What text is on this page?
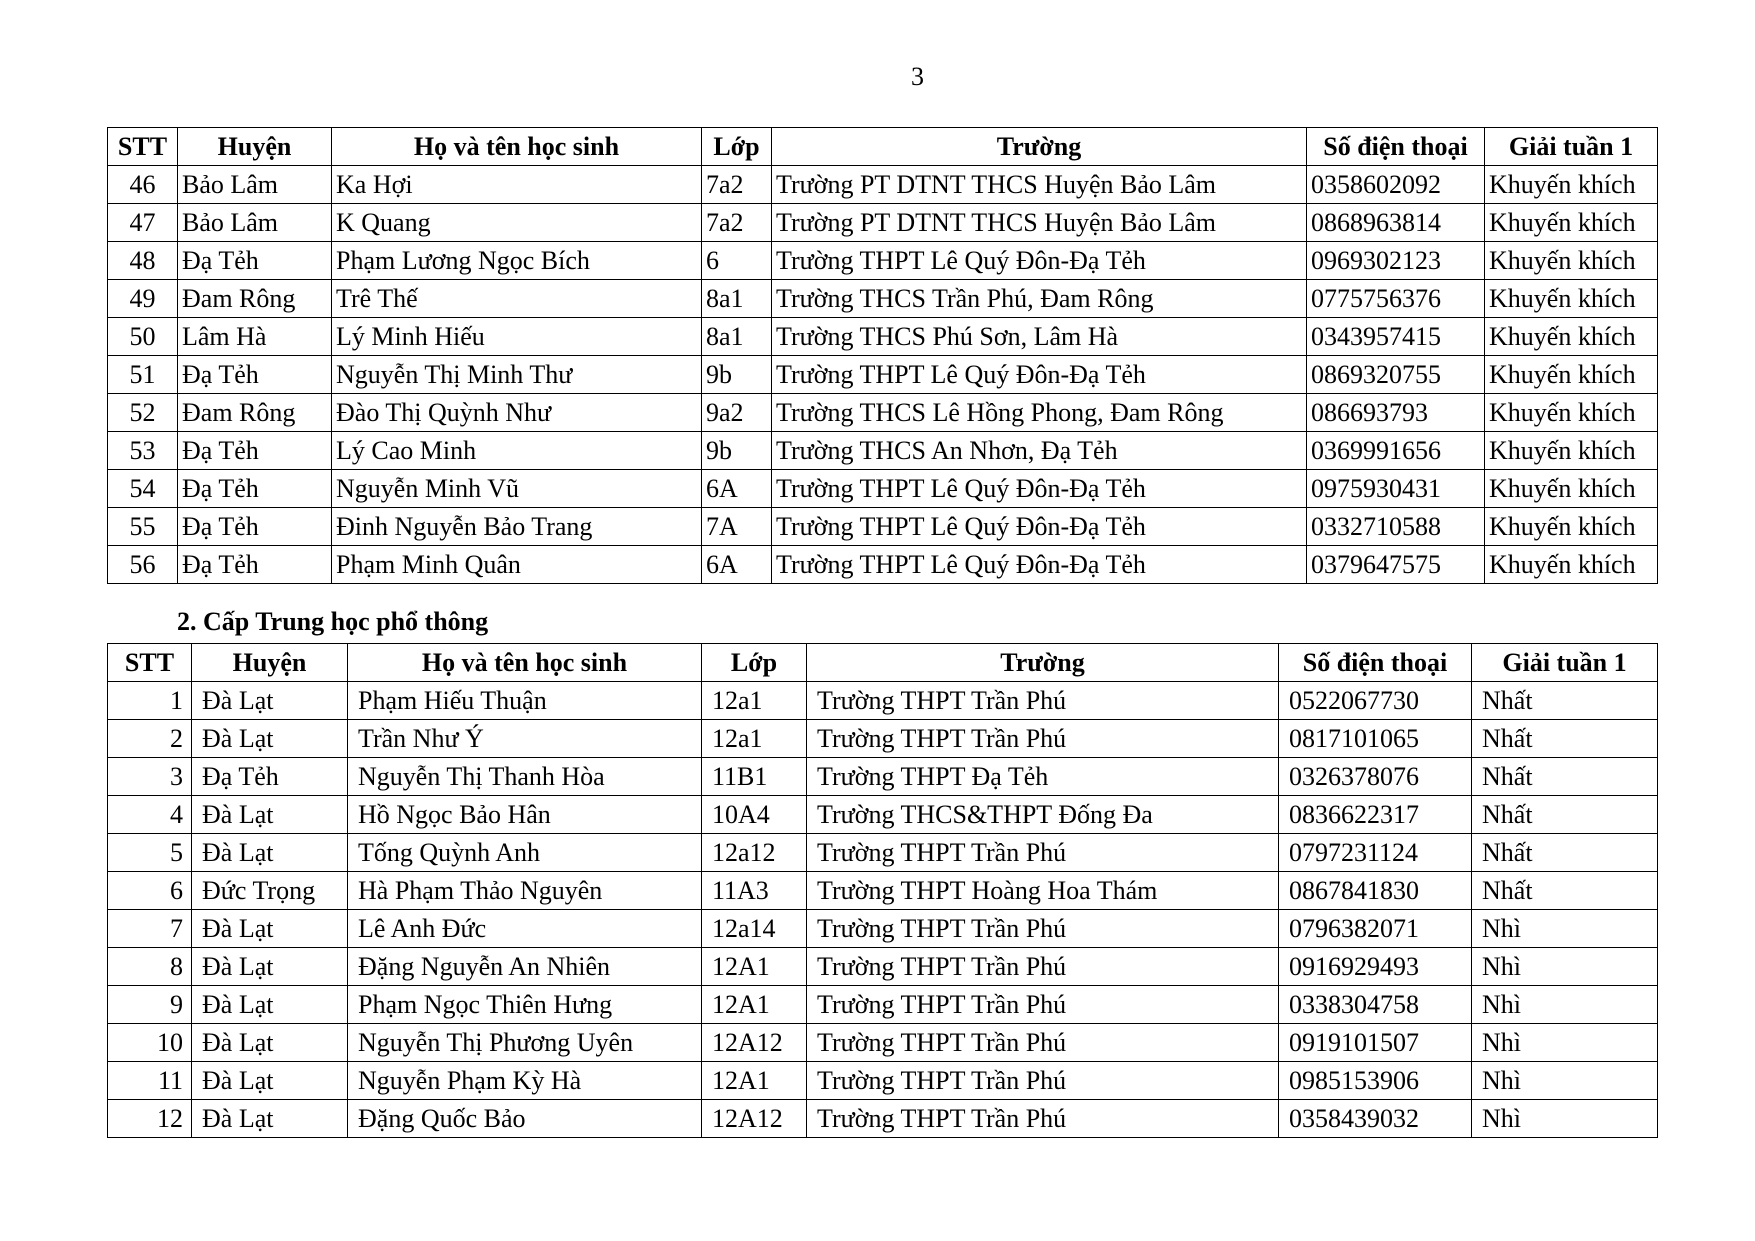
3
STT	Huyện	Họ và tên học sinh	Lớp	Trường	Số điện thoại	Giải tuần 1
46	Bảo Lâm	Ka Hợi	7a2	Trường PT DTNT THCS Huyện Bảo Lâm	0358602092	Khuyến khích
47	Bảo Lâm	K Quang	7a2	Trường PT DTNT THCS Huyện Bảo Lâm	0868963814	Khuyến khích
48	Đạ Tẻh	Phạm Lương Ngọc Bích	6	Trường THPT Lê Quý Đôn-Đạ Tẻh	0969302123	Khuyến khích
49	Đam Rông	Trê Thế	8a1	Trường THCS Trần Phú, Đam Rông	0775756376	Khuyến khích
50	Lâm Hà	Lý Minh Hiếu	8a1	Trường THCS Phú Sơn, Lâm Hà	0343957415	Khuyến khích
51	Đạ Tẻh	Nguyễn Thị Minh Thư	9b	Trường THPT Lê Quý Đôn-Đạ Tẻh	0869320755	Khuyến khích
52	Đam Rông	Đào Thị Quỳnh Như	9a2	Trường THCS Lê Hồng Phong, Đam Rông	086693793	Khuyến khích
53	Đạ Tẻh	Lý Cao Minh	9b	Trường THCS An Nhơn, Đạ Tẻh	0369991656	Khuyến khích
54	Đạ Tẻh	Nguyễn Minh Vũ	6A	Trường THPT Lê Quý Đôn-Đạ Tẻh	0975930431	Khuyến khích
55	Đạ Tẻh	Đinh Nguyễn Bảo Trang	7A	Trường THPT Lê Quý Đôn-Đạ Tẻh	0332710588	Khuyến khích
56	Đạ Tẻh	Phạm Minh Quân	6A	Trường THPT Lê Quý Đôn-Đạ Tẻh	0379647575	Khuyến khích
2. Cấp Trung học phổ thông
STT	Huyện	Họ và tên học sinh	Lớp	Trường	Số điện thoại	Giải tuần 1
1	Đà Lạt	Phạm Hiếu Thuận	12a1	Trường THPT Trần Phú	0522067730	Nhất
2	Đà Lạt	Trần Như Ý	12a1	Trường THPT Trần Phú	0817101065	Nhất
3	Đạ Tẻh	Nguyễn Thị Thanh Hòa	11B1	Trường THPT Đạ Tẻh	0326378076	Nhất
4	Đà Lạt	Hồ Ngọc Bảo Hân	10A4	Trường THCS&THPT Đống Đa	0836622317	Nhất
5	Đà Lạt	Tống Quỳnh Anh	12a12	Trường THPT Trần Phú	0797231124	Nhất
6	Đức Trọng	Hà Phạm Thảo Nguyên	11A3	Trường THPT Hoàng Hoa Thám	0867841830	Nhất
7	Đà Lạt	Lê Anh Đức	12a14	Trường THPT Trần Phú	0796382071	Nhì
8	Đà Lạt	Đặng Nguyễn An Nhiên	12A1	Trường THPT Trần Phú	0916929493	Nhì
9	Đà Lạt	Phạm Ngọc Thiên Hưng	12A1	Trường THPT Trần Phú	0338304758	Nhì
10	Đà Lạt	Nguyễn Thị Phương Uyên	12A12	Trường THPT Trần Phú	0919101507	Nhì
11	Đà Lạt	Nguyễn Phạm Kỳ Hà	12A1	Trường THPT Trần Phú	0985153906	Nhì
12	Đà Lạt	Đặng Quốc Bảo	12A12	Trường THPT Trần Phú	0358439032	Nhì
